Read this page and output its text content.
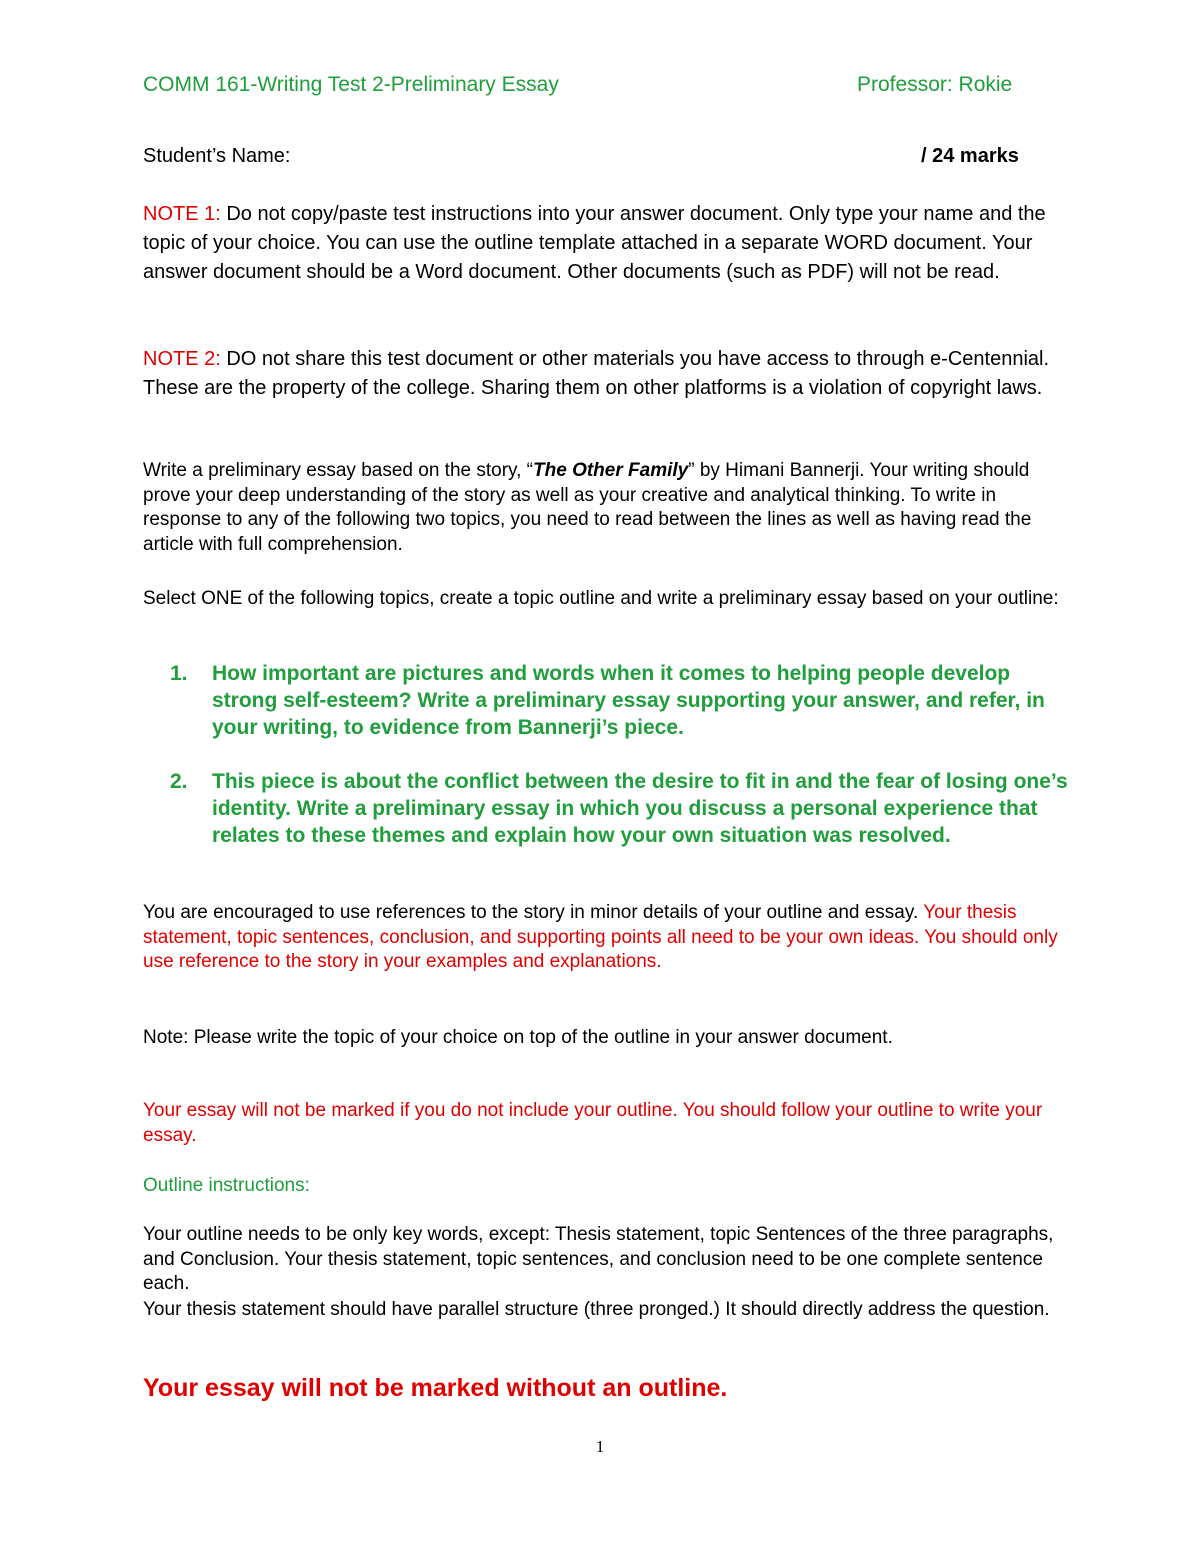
COMM 161-Writing Test 2-Preliminary Essay	Professor: Rokie
Student’s Name:	/ 24 marks

NOTE 1: Do not copy/paste test instructions into your answer document. Only type your name and the topic of your choice. You can use the outline template attached in a separate WORD document. Your answer document should be a Word document. Other documents (such as PDF) will not be read.

NOTE 2: DO not share this test document or other materials you have access to through e-Centennial. These are the property of the college. Sharing them on other platforms is a violation of copyright laws.

Write a preliminary essay based on the story, “The Other Family” by Himani Bannerji. Your writing should prove your deep understanding of the story as well as your creative and analytical thinking. To write in response to any of the following two topics, you need to read between the lines as well as having read the article with full comprehension.

Select ONE of the following topics, create a topic outline and write a preliminary essay based on your outline:

1. How important are pictures and words when it comes to helping people develop strong self-esteem? Write a preliminary essay supporting your answer, and refer, in your writing, to evidence from Bannerji’s piece.
2. This piece is about the conflict between the desire to fit in and the fear of losing one’s identity. Write a preliminary essay in which you discuss a personal experience that relates to these themes and explain how your own situation was resolved.

You are encouraged to use references to the story in minor details of your outline and essay. Your thesis statement, topic sentences, conclusion, and supporting points all need to be your own ideas. You should only use reference to the story in your examples and explanations.

Note: Please write the topic of your choice on top of the outline in your answer document.

Your essay will not be marked if you do not include your outline. You should follow your outline to write your essay.

Outline instructions:

Your outline needs to be only key words, except: Thesis statement, topic Sentences of the three paragraphs, and Conclusion. Your thesis statement, topic sentences, and conclusion need to be one complete sentence each.

Your thesis statement should have parallel structure (three pronged.) It should directly address the question.

Your essay will not be marked without an outline.

1
